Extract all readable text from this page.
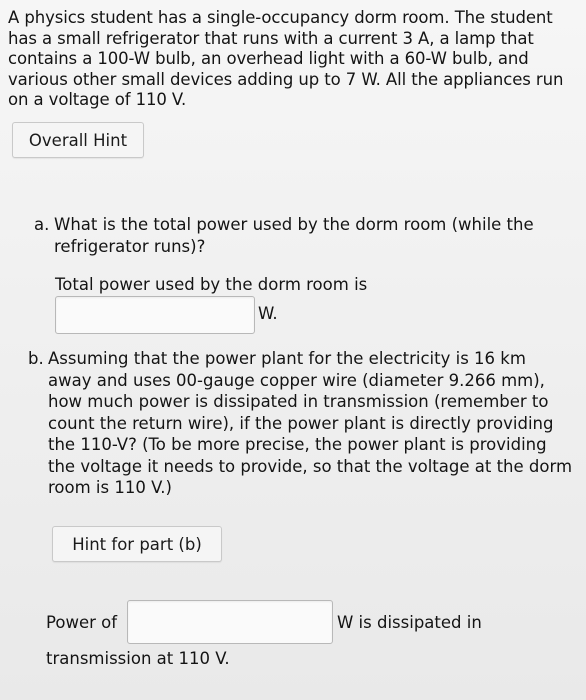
A physics student has a single-occupancy dorm room. The student has a small refrigerator that runs with a current 3 A, a lamp that contains a 100-W bulb, an overhead light with a 60-W bulb, and various other small devices adding up to 7 W. All the appliances run on a voltage of 110 V.
Overall Hint
a. What is the total power used by the dorm room (while the refrigerator runs)?
Total power used by the dorm room is
W.
b. Assuming that the power plant for the electricity is 16 km away and uses 00-gauge copper wire (diameter 9.266 mm), how much power is dissipated in transmission (remember to count the return wire), if the power plant is directly providing the 110-V? (To be more precise, the power plant is providing the voltage it needs to provide, so that the voltage at the dorm room is 110 V.)
Hint for part (b)
Power of	W is dissipated in
transmission at 110 V.
